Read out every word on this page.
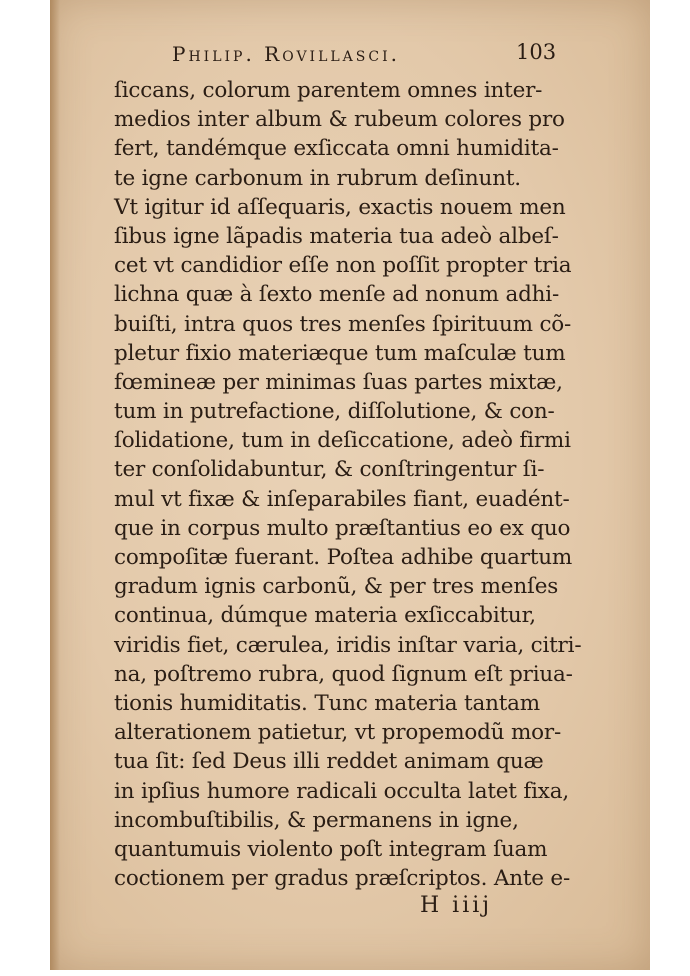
Philip. Rovillasci.	103
ſiccans, colorum parentem omnes inter-
medios inter album & rubeum colores pro
fert, tandémque exſiccata omni humidita-
te igne carbonum in rubrum deſinunt.
Vt igitur id aſſequaris, exactis nouem men
ſibus igne lãpadis materia tua adeò albeſ-
cet vt candidior eſſe non poſſit propter tria
lichna quæ à ſexto menſe ad nonum adhi-
buiſti, intra quos tres menſes ſpirituum cõ-
pletur fixio materiæque tum maſculæ tum
fœmineæ per minimas ſuas partes mixtæ,
tum in putrefactione, diſſolutione, & con-
ſolidatione, tum in deſiccatione, adeò firmi
ter conſolidabuntur, & conſtringentur ſi-
mul vt fixæ & inſeparabiles fiant, euadént-
que in corpus multo præſtantius eo ex quo
compoſitæ fuerant. Poſtea adhibe quartum
gradum ignis carbonũ, & per tres menſes
continua, dúmque materia exſiccabitur,
viridis fiet, cærulea, iridis inſtar varia, citri-
na, poſtremo rubra, quod ſignum eſt priua-
tionis humiditatis. Tunc materia tantam
alterationem patietur, vt propemodũ mor-
tua ſit: ſed Deus illi reddet animam quæ
in ipſius humore radicali occulta latet fixa,
incombuſtibilis, & permanens in igne,
quantumuis violento poſt integram ſuam
coctionem per gradus præſcriptos. Ante e-
H iiij
